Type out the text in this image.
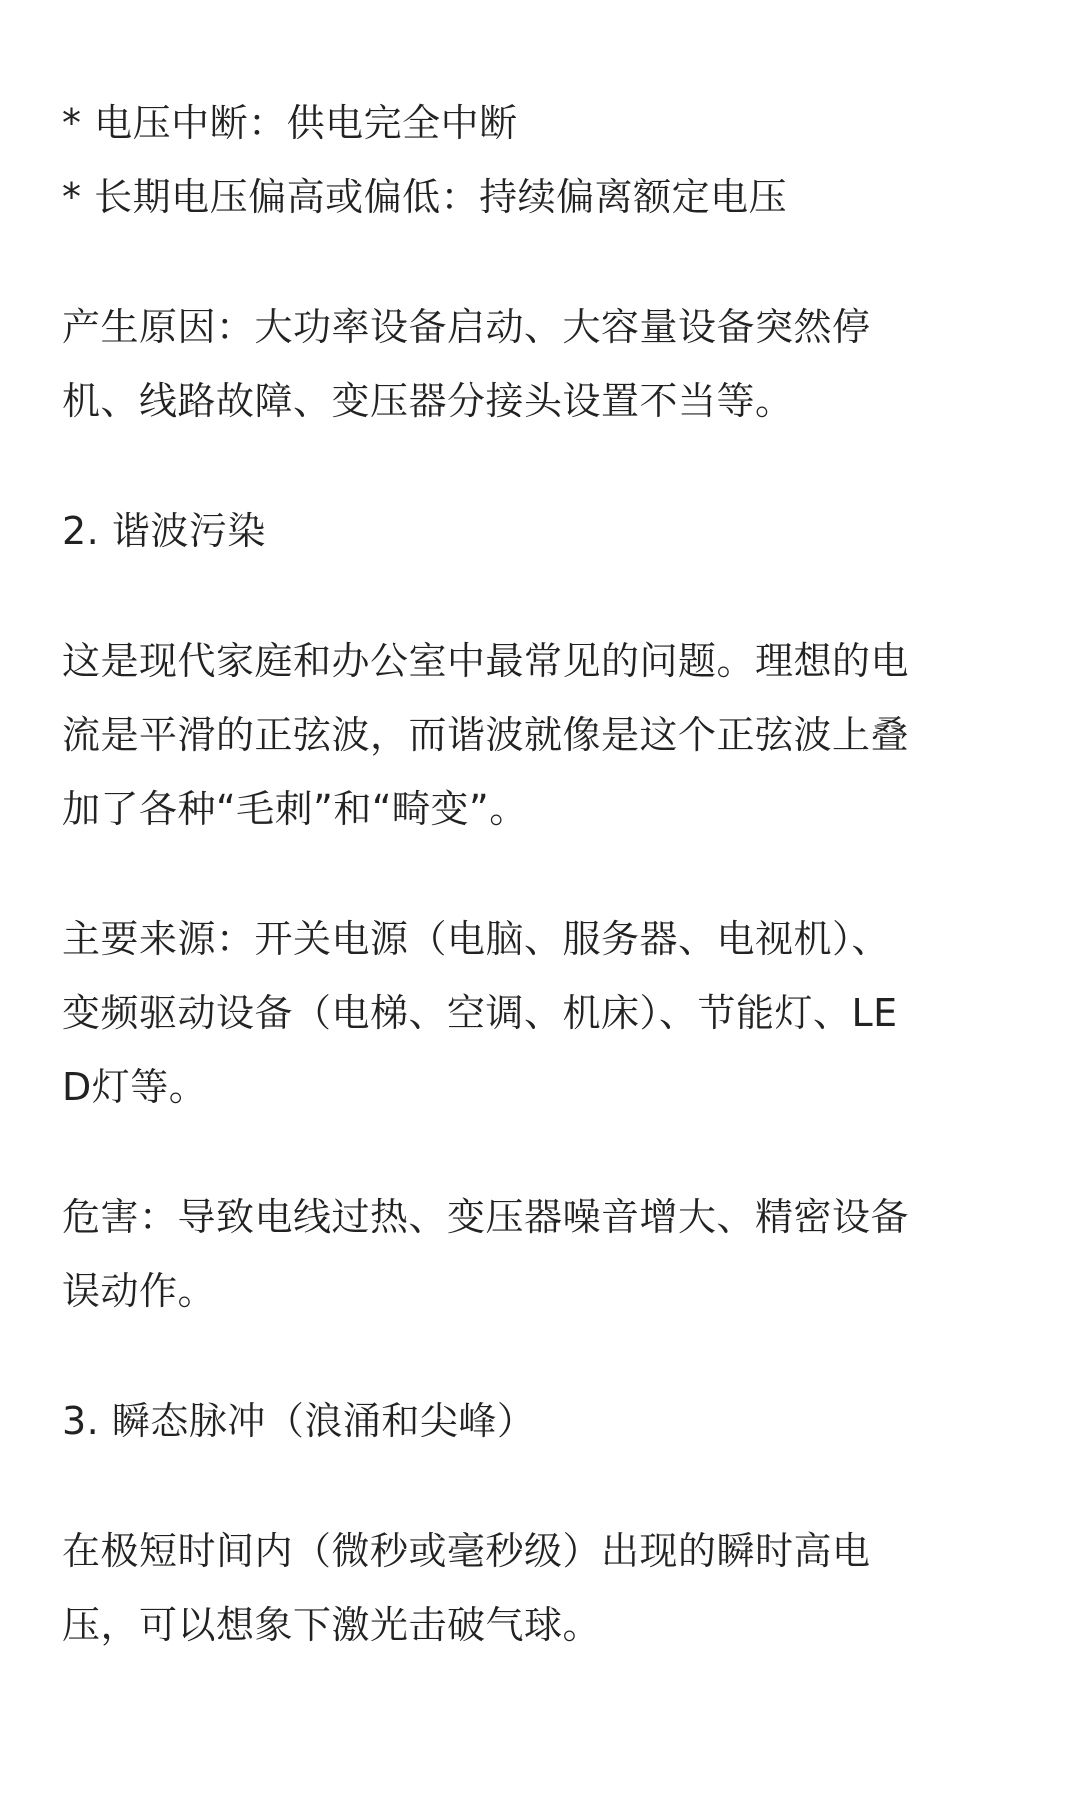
* 电压中断：供电完全中断
* 长期电压偏高或偏低：持续偏离额定电压
产生原因：大功率设备启动、大容量设备突然停
机、线路故障、变压器分接头设置不当等。
2. 谐波污染
这是现代家庭和办公室中最常见的问题。理想的电
流是平滑的正弦波，而谐波就像是这个正弦波上叠
加了各种“毛刺”和“畸变”。
主要来源：开关电源（电脑、服务器、电视机）、
变频驱动设备（电梯、空调、机床）、节能灯、LE
D灯等。
危害：导致电线过热、变压器噪音增大、精密设备
误动作。
3. 瞬态脉冲（浪涌和尖峰）
在极短时间内（微秒或毫秒级）出现的瞬时高电
压，可以想象下激光击破气球。
